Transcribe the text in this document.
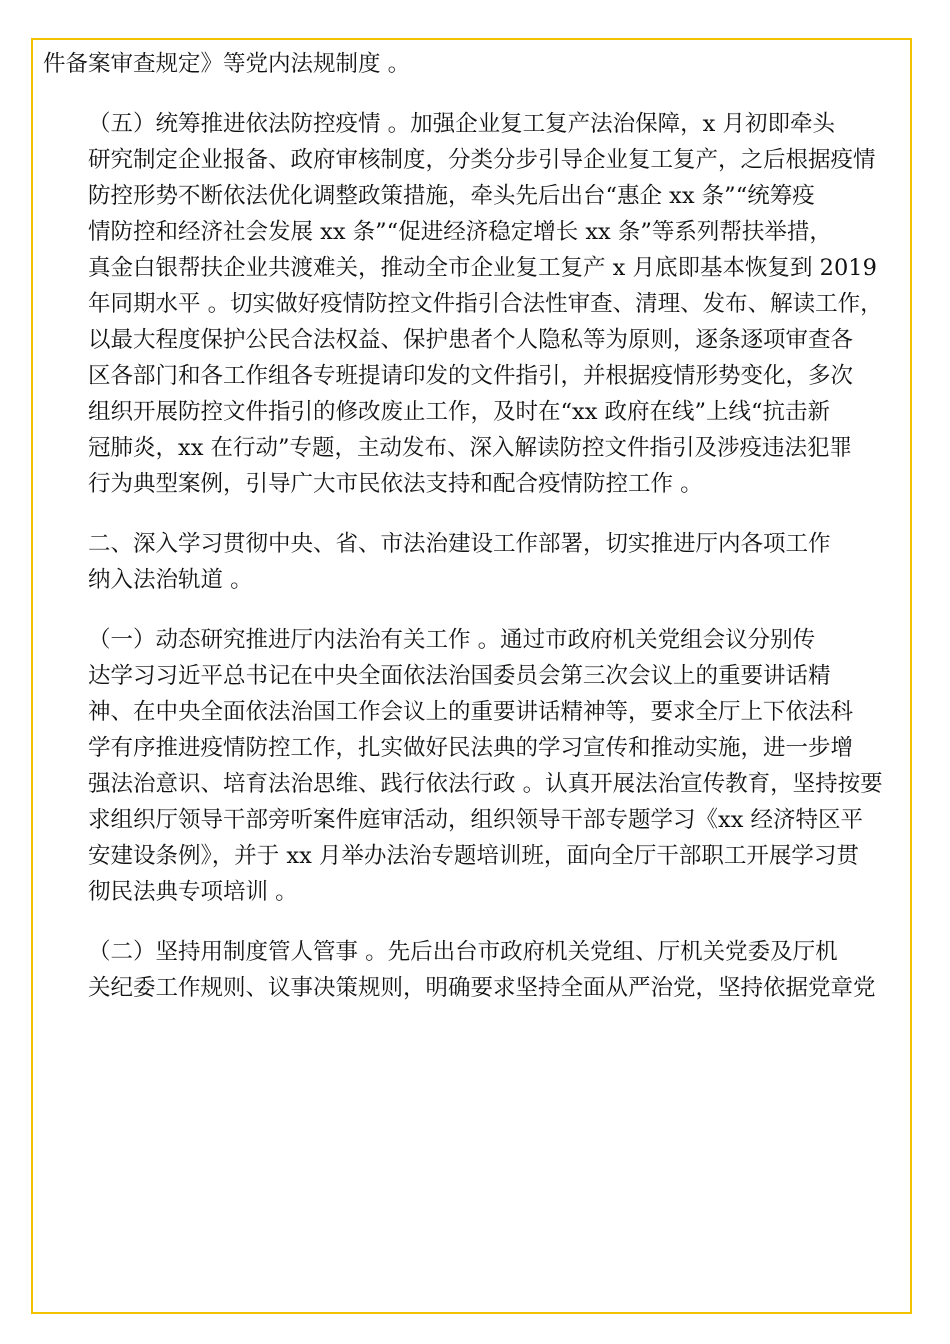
件备案审查规定》等党内法规制度 。
（五）统筹推进依法防控疫情 。加强企业复工复产法治保障，x 月初即牵头
研究制定企业报备、政府审核制度，分类分步引导企业复工复产，之后根据疫情
防控形势不断依法优化调整政策措施，牵头先后出台“惠企 xx 条”“统筹疫
情防控和经济社会发展 xx 条”“促进经济稳定增长 xx 条”等系列帮扶举措，
真金白银帮扶企业共渡难关，推动全市企业复工复产 x 月底即基本恢复到 2019
年同期水平 。切实做好疫情防控文件指引合法性审查、清理、发布、解读工作，
以最大程度保护公民合法权益、保护患者个人隐私等为原则，逐条逐项审查各
区各部门和各工作组各专班提请印发的文件指引，并根据疫情形势变化，多次
组织开展防控文件指引的修改废止工作，及时在“xx 政府在线”上线“抗击新
冠肺炎，xx 在行动”专题，主动发布、深入解读防控文件指引及涉疫违法犯罪
行为典型案例，引导广大市民依法支持和配合疫情防控工作 。
二、深入学习贯彻中央、省、市法治建设工作部署，切实推进厅内各项工作
纳入法治轨道 。
（一）动态研究推进厅内法治有关工作 。通过市政府机关党组会议分别传
达学习习近平总书记在中央全面依法治国委员会第三次会议上的重要讲话精
神、在中央全面依法治国工作会议上的重要讲话精神等，要求全厅上下依法科
学有序推进疫情防控工作，扎实做好民法典的学习宣传和推动实施，进一步增
强法治意识、培育法治思维、践行依法行政 。认真开展法治宣传教育，坚持按要
求组织厅领导干部旁听案件庭审活动，组织领导干部专题学习《xx 经济特区平
安建设条例》，并于 xx 月举办法治专题培训班，面向全厅干部职工开展学习贯
彻民法典专项培训 。
（二）坚持用制度管人管事 。先后出台市政府机关党组、厅机关党委及厅机
关纪委工作规则、议事决策规则，明确要求坚持全面从严治党，坚持依据党章党
